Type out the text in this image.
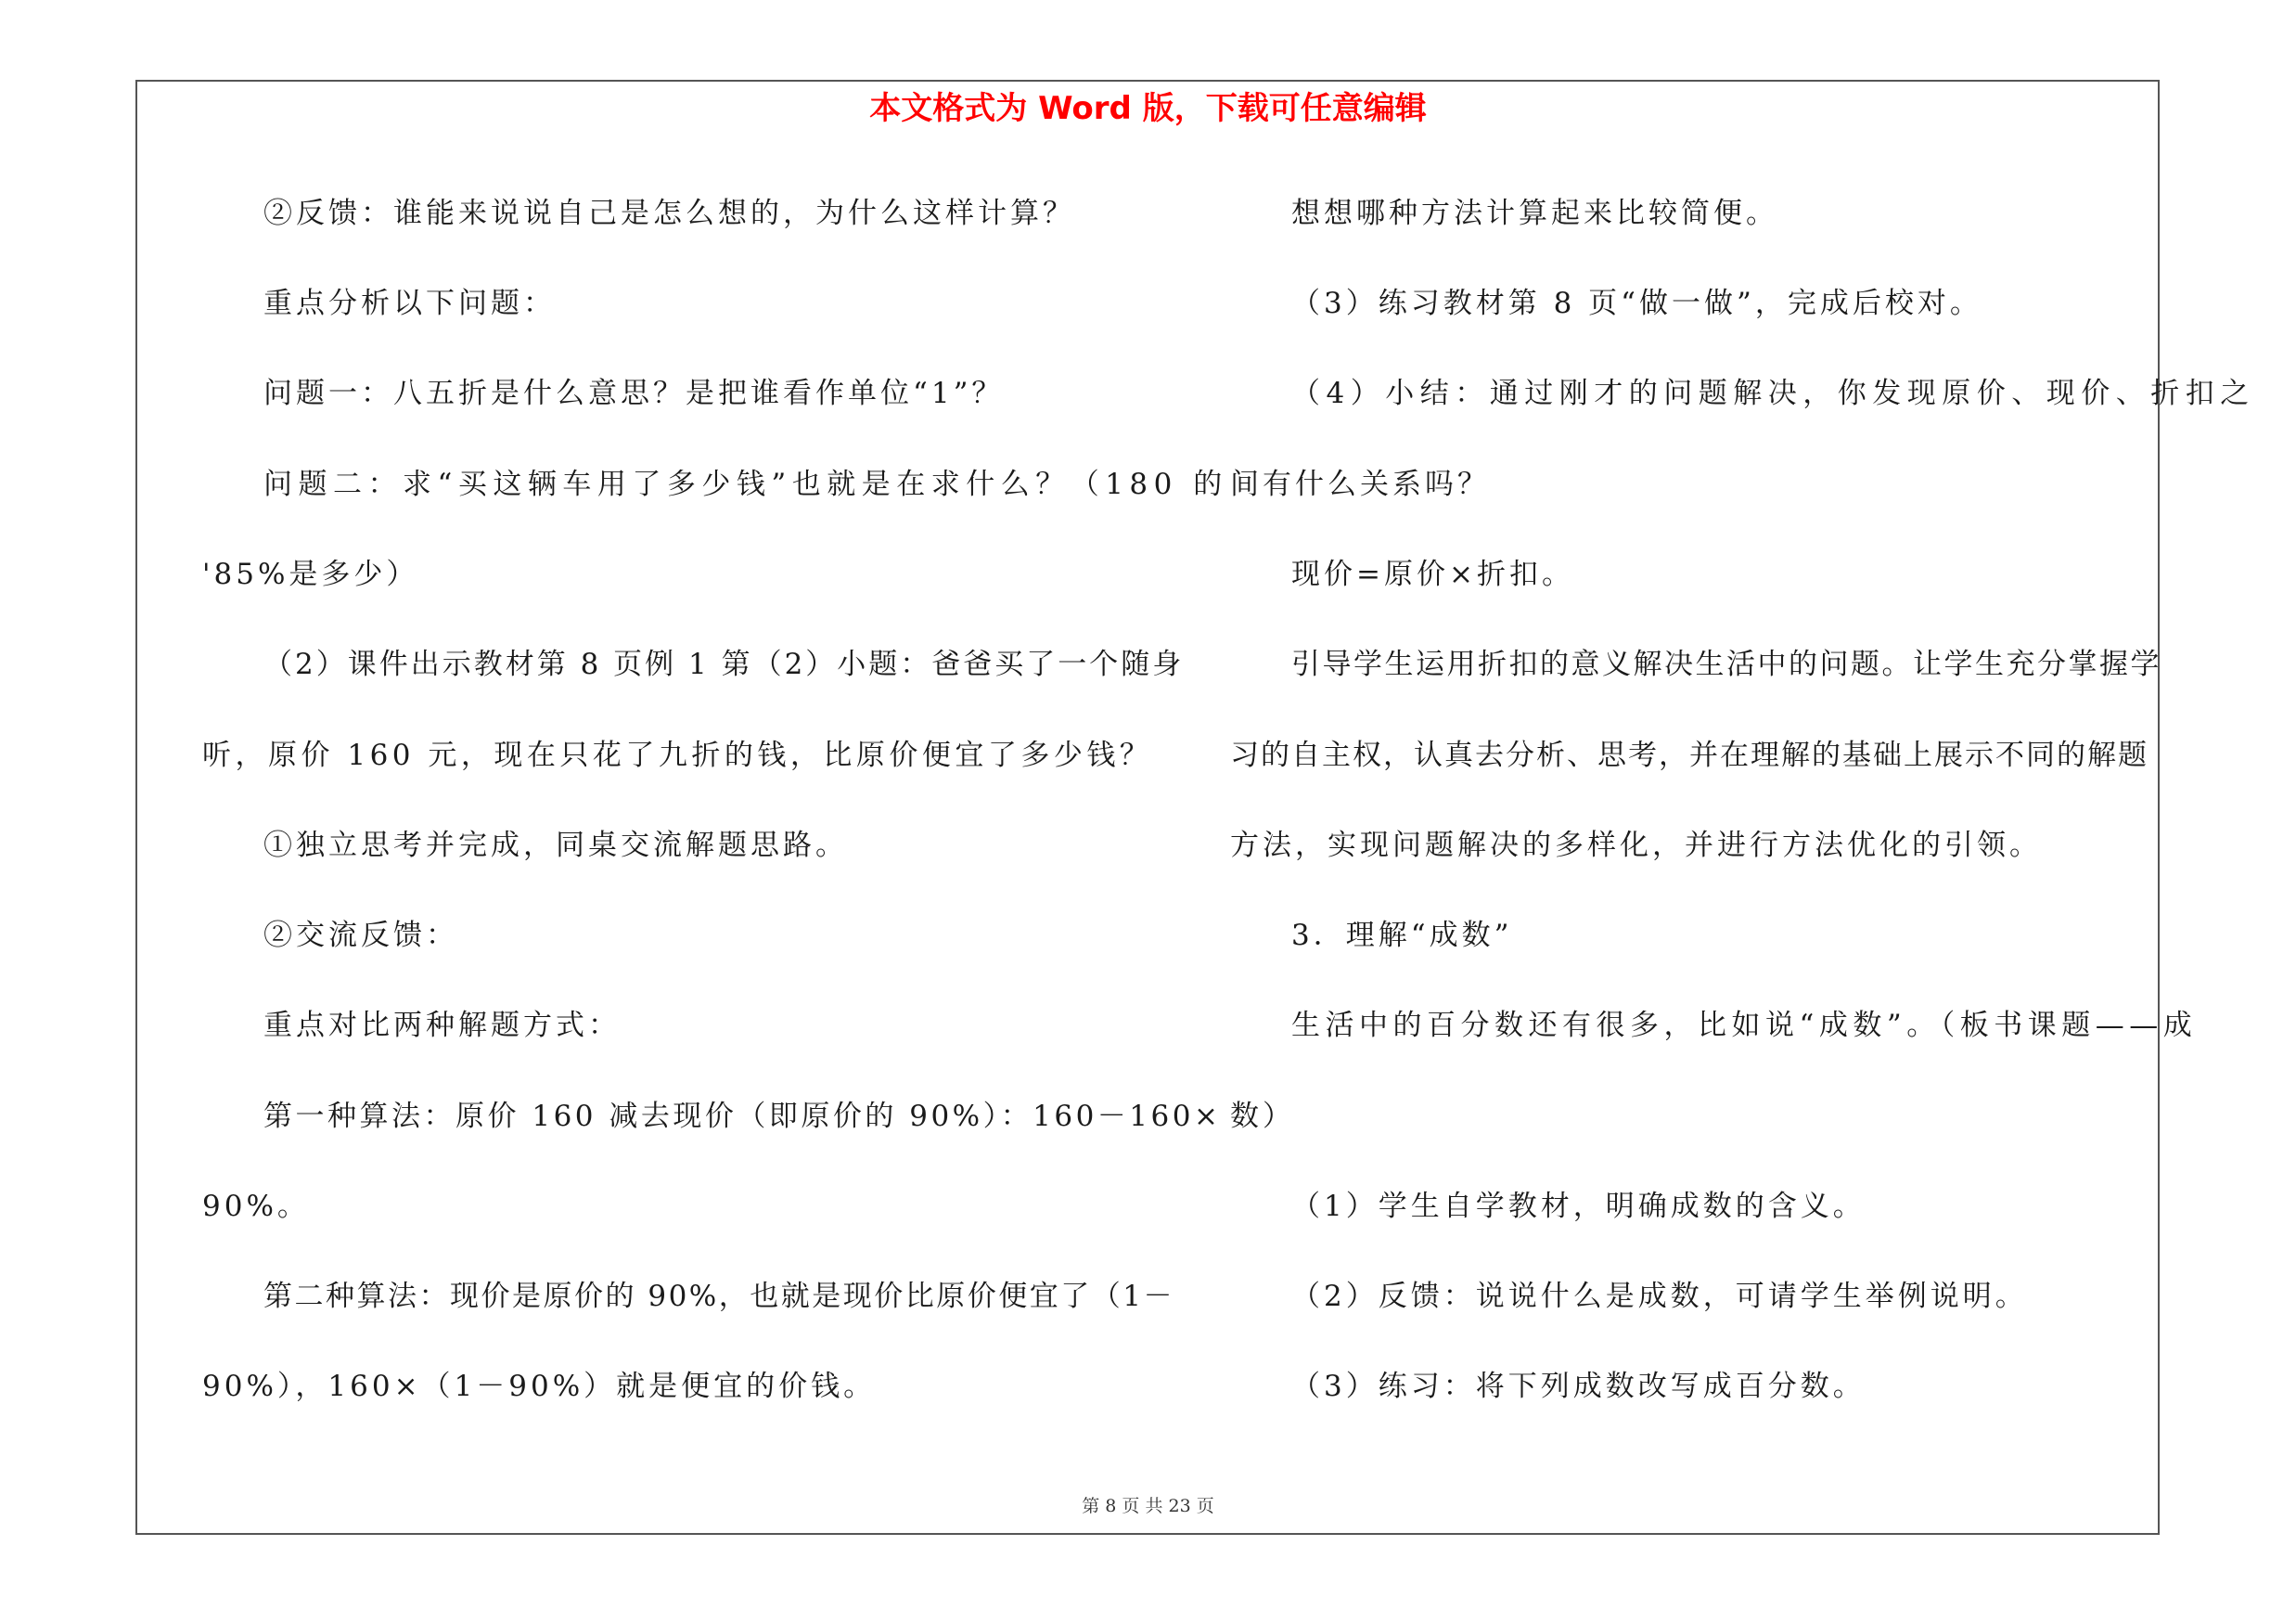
本文格式为 Word 版，下载可任意编辑
②反馈：谁能来说说自己是怎么想的，为什么这样计算？
重点分析以下问题：
问题一：八五折是什么意思？是把谁看作单位“1”？
问题二：求“买这辆车用了多少钱”也就是在求什么？（180 的
'85%是多少）
（2）课件出示教材第 8 页例 1 第（2）小题：爸爸买了一个随身
听，原价 160 元，现在只花了九折的钱，比原价便宜了多少钱？
①独立思考并完成，同桌交流解题思路。
②交流反馈：
重点对比两种解题方式：
第一种算法：原价 160 减去现价（即原价的 90%）：160－160×
90%。
第二种算法：现价是原价的 90%，也就是现价比原价便宜了（1－
90%），160×（1－90%）就是便宜的价钱。
想想哪种方法计算起来比较简便。
（3）练习教材第 8 页“做一做”，完成后校对。
（4）小结：通过刚才的问题解决，你发现原价、现价、折扣之
间有什么关系吗？
现价=原价×折扣。
引导学生运用折扣的意义解决生活中的问题。让学生充分掌握学
习的自主权，认真去分析、思考，并在理解的基础上展示不同的解题
方法，实现问题解决的多样化，并进行方法优化的引领。
3．理解“成数”
生活中的百分数还有很多，比如说“成数”。（板书课题——成
数）
（1）学生自学教材，明确成数的含义。
（2）反馈：说说什么是成数，可请学生举例说明。
（3）练习：将下列成数改写成百分数。
第 8 页 共 23 页
